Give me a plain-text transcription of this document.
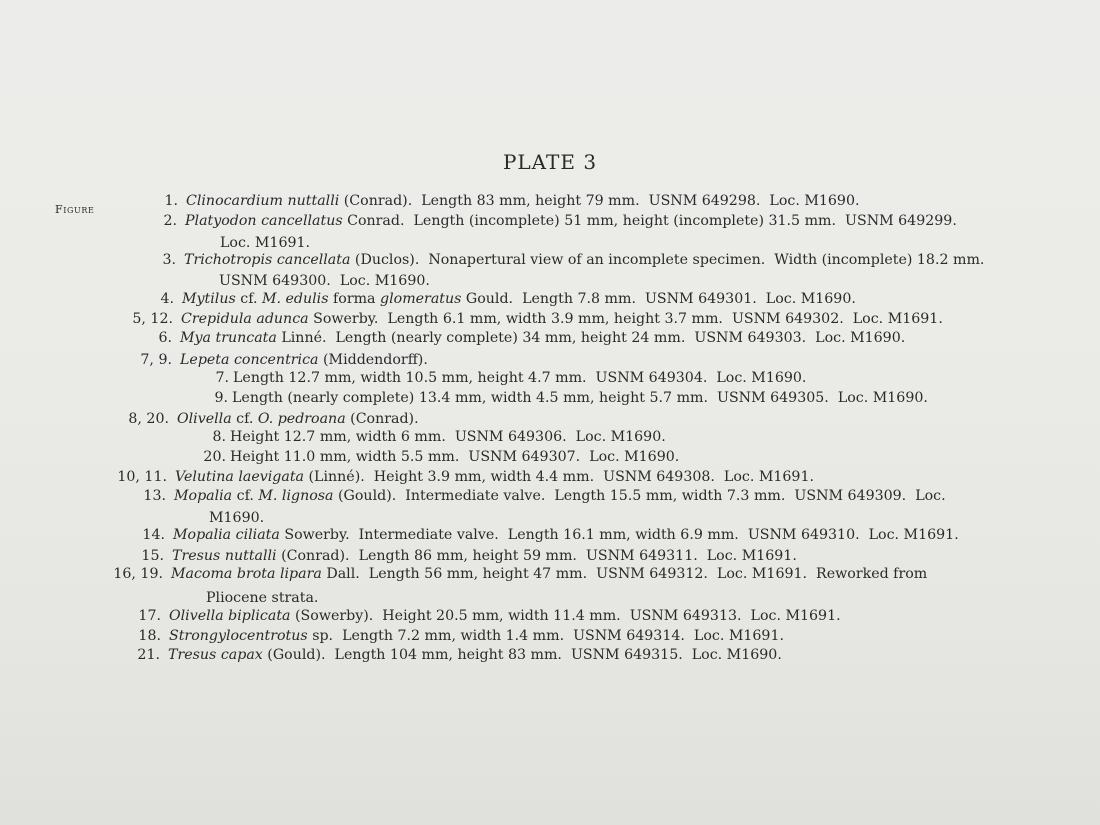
PLATE 3
Figure
1. Clinocardium nuttalli (Conrad).  Length 83 mm, height 79 mm.  USNM 649298.  Loc. M1690.
2. Platyodon cancellatus Conrad.  Length (incomplete) 51 mm, height (incomplete) 31.5 mm.  USNM 649299.
Loc. M1691.
3. Trichotropis cancellata (Duclos).  Nonapertural view of an incomplete specimen.  Width (incomplete) 18.2 mm.
USNM 649300.  Loc. M1690.
4. Mytilus cf. M. edulis forma glomeratus Gould.  Length 7.8 mm.  USNM 649301.  Loc. M1690.
5, 12. Crepidula adunca Sowerby.  Length 6.1 mm, width 3.9 mm, height 3.7 mm.  USNM 649302.  Loc. M1691.
6. Mya truncata Linné.  Length (nearly complete) 34 mm, height 24 mm.  USNM 649303.  Loc. M1690.
7, 9. Lepeta concentrica (Middendorff).
7. Length 12.7 mm, width 10.5 mm, height 4.7 mm.  USNM 649304.  Loc. M1690.
9. Length (nearly complete) 13.4 mm, width 4.5 mm, height 5.7 mm.  USNM 649305.  Loc. M1690.
8, 20. Olivella cf. O. pedroana (Conrad).
8. Height 12.7 mm, width 6 mm.  USNM 649306.  Loc. M1690.
20. Height 11.0 mm, width 5.5 mm.  USNM 649307.  Loc. M1690.
10, 11. Velutina laevigata (Linné).  Height 3.9 mm, width 4.4 mm.  USNM 649308.  Loc. M1691.
13. Mopalia cf. M. lignosa (Gould).  Intermediate valve.  Length 15.5 mm, width 7.3 mm.  USNM 649309.  Loc.
M1690.
14. Mopalia ciliata Sowerby.  Intermediate valve.  Length 16.1 mm, width 6.9 mm.  USNM 649310.  Loc. M1691.
15. Tresus nuttalli (Conrad).  Length 86 mm, height 59 mm.  USNM 649311.  Loc. M1691.
16, 19. Macoma brota lipara Dall.  Length 56 mm, height 47 mm.  USNM 649312.  Loc. M1691.  Reworked from
Pliocene strata.
17. Olivella biplicata (Sowerby).  Height 20.5 mm, width 11.4 mm.  USNM 649313.  Loc. M1691.
18. Strongylocentrotus sp.  Length 7.2 mm, width 1.4 mm.  USNM 649314.  Loc. M1691.
21. Tresus capax (Gould).  Length 104 mm, height 83 mm.  USNM 649315.  Loc. M1690.
